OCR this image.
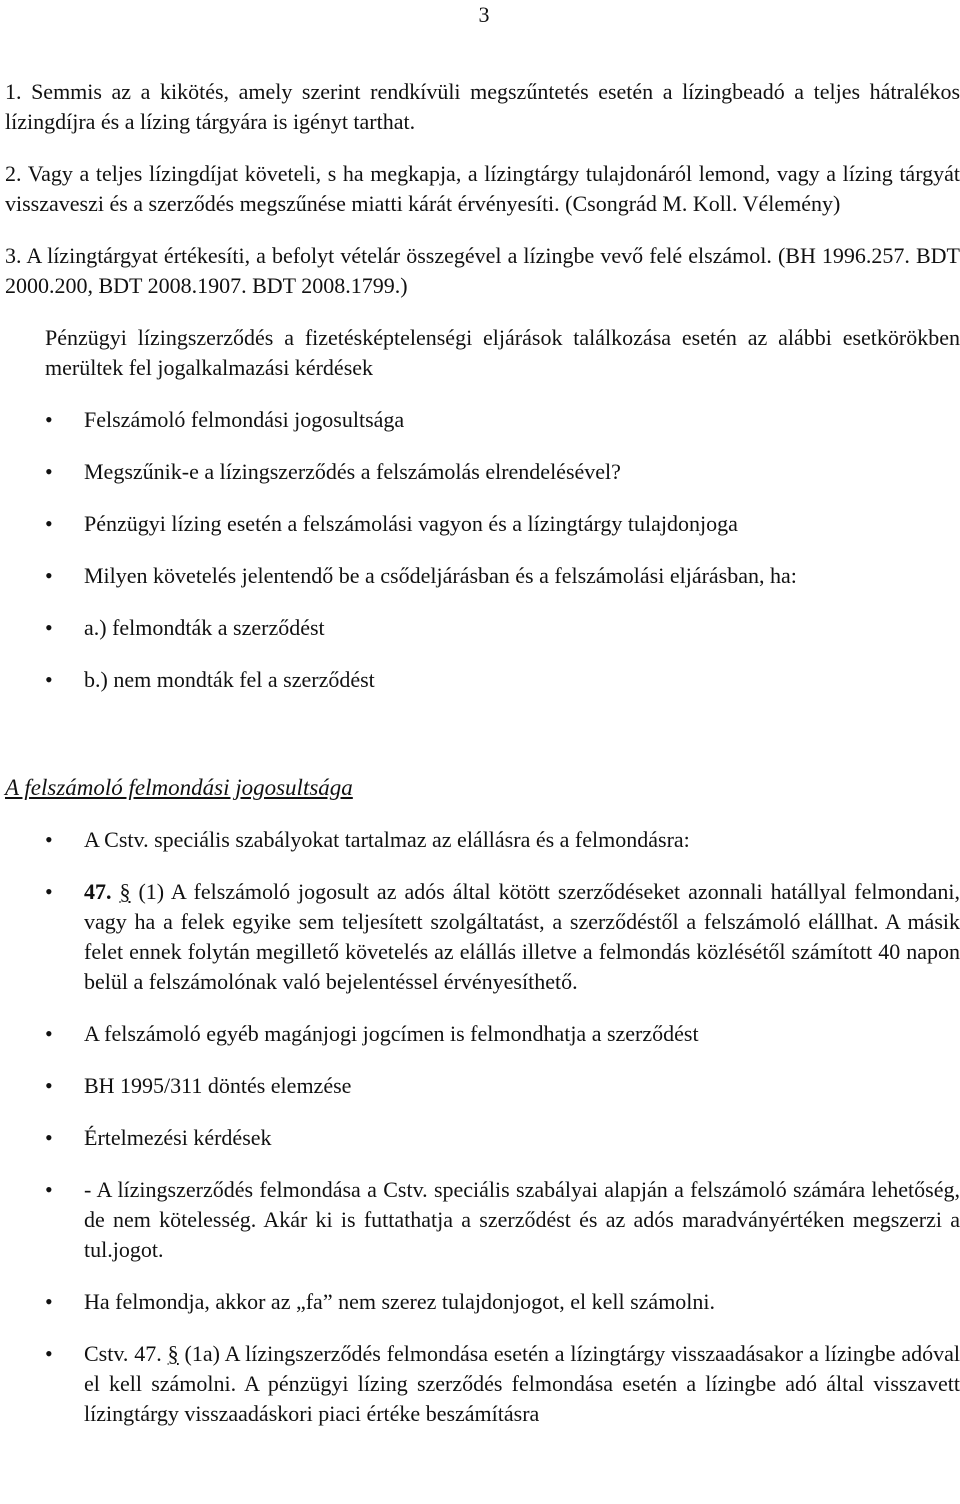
3

1. Semmis az a kikötés, amely szerint rendkívüli megszűntetés esetén a lízingbeadó a teljes hátralékos lízingdíjra és a lízing tárgyára is igényt tarthat.

2. Vagy a teljes lízingdíjat követeli, s ha megkapja, a lízingtárgy tulajdonáról lemond, vagy a lízing tárgyát visszaveszi és a szerződés megszűnése miatti kárát érvényesíti. (Csongrád M. Koll. Vélemény)

3. A lízingtárgyat értékesíti, a befolyt vételár összegével a lízingbe vevő felé elszámol. (BH 1996.257. BDT 2000.200, BDT 2008.1907. BDT 2008.1799.)

Pénzügyi lízingszerződés a fizetésképtelenségi eljárások találkozása esetén az alábbi esetkörökben merültek fel jogalkalmazási kérdések

• Felszámoló felmondási jogosultsága
• Megszűnik-e a lízingszerződés a felszámolás elrendelésével?
• Pénzügyi lízing esetén a felszámolási vagyon és a lízingtárgy tulajdonjoga
• Milyen követelés jelentendő be a csődeljárásban és a felszámolási eljárásban, ha:
• a.) felmondták a szerződést
• b.) nem mondták fel a szerződést
A felszámoló felmondási jogosultsága
• A Cstv. speciális szabályokat tartalmaz az elállásra és a felmondásra:
• 47. § (1) A felszámoló jogosult az adós által kötött szerződéseket azonnali hatállyal felmondani, vagy ha a felek egyike sem teljesített szolgáltatást, a szerződéstől a felszámoló elállhat. A másik felet ennek folytán megillető követelés az elállás illetve a felmondás közlésétől számított 40 napon belül a felszámolónak való bejelentéssel érvényesíthető.
• A felszámoló egyéb magánjogi jogcímen is felmondhatja a szerződést
• BH 1995/311 döntés elemzése
• Értelmezési kérdések
• - A lízingszerződés felmondása a Cstv. speciális szabályai alapján a felszámoló számára lehetőség, de nem kötelesség. Akár ki is futtathatja a szerződést és az adós maradványértéken megszerzi a tul.jogot.
• Ha felmondja, akkor az „fa” nem szerez tulajdonjogot, el kell számolni.
• Cstv. 47. § (1a) A lízingszerződés felmondása esetén a lízingtárgy visszaadásakor a lízingbe adóval el kell számolni. A pénzügyi lízing szerződés felmondása esetén a lízingbe adó által visszavett lízingtárgy visszaadáskori piaci értéke beszámításra
